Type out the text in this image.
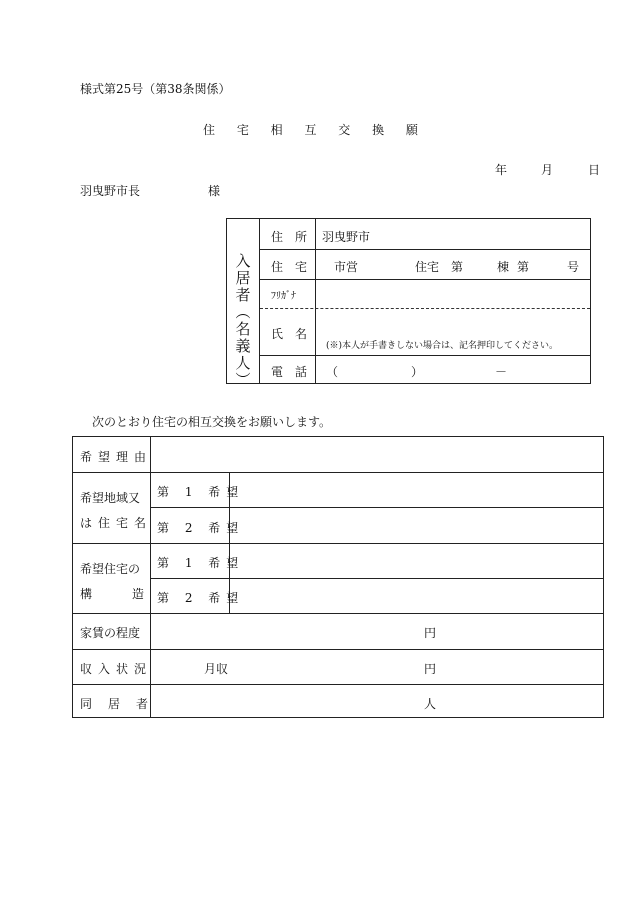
様式第25号（第38条関係）
住 宅 相 互 交 換 願
年	月	日
羽曳野市長	様
入
居
者
︵
名
義
人
︶
住　所 羽曳野市
住　宅 市営	住宅 第	棟 第	号
ﾌﾘｶﾞﾅ
氏　名
(※)本人が手書きしない場合は、記名押印してください。
電　話 （	）	－
次のとおり住宅の相互交換をお願いします。
希望理由
希望地域又
は住宅名
第 1 希望
第 2 希望
希望住宅の
構	造
第 1 希望
第 2 希望
家賃の程度	円
収入状況	月収	円
同居者	人
